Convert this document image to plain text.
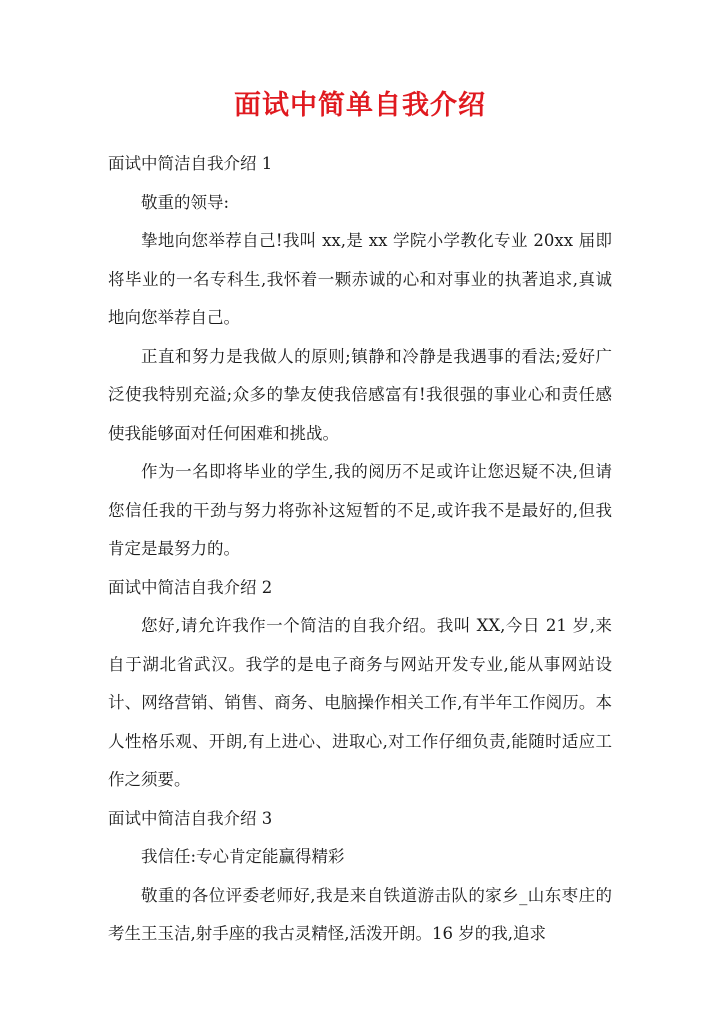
面试中简单自我介绍

面试中简洁自我介绍 1

敬重的领导:

挚地向您举荐自己!我叫 xx,是 xx 学院小学教化专业 20xx 届即将毕业的一名专科生,我怀着一颗赤诚的心和对事业的执著追求,真诚地向您举荐自己。

正直和努力是我做人的原则;镇静和冷静是我遇事的看法;爱好广泛使我特别充溢;众多的挚友使我倍感富有!我很强的事业心和责任感使我能够面对任何困难和挑战。

作为一名即将毕业的学生,我的阅历不足或许让您迟疑不决,但请您信任我的干劲与努力将弥补这短暂的不足,或许我不是最好的,但我肯定是最努力的。

面试中简洁自我介绍 2

您好,请允许我作一个简洁的自我介绍。我叫 XX,今日 21 岁,来自于湖北省武汉。我学的是电子商务与网站开发专业,能从事网站设计、网络营销、销售、商务、电脑操作相关工作,有半年工作阅历。本人性格乐观、开朗,有上进心、进取心,对工作仔细负责,能随时适应工作之须要。

面试中简洁自我介绍 3

我信任:专心肯定能赢得精彩

敬重的各位评委老师好,我是来自铁道游击队的家乡_山东枣庄的考生王玉洁,射手座的我古灵精怪,活泼开朗。16 岁的我,追求
